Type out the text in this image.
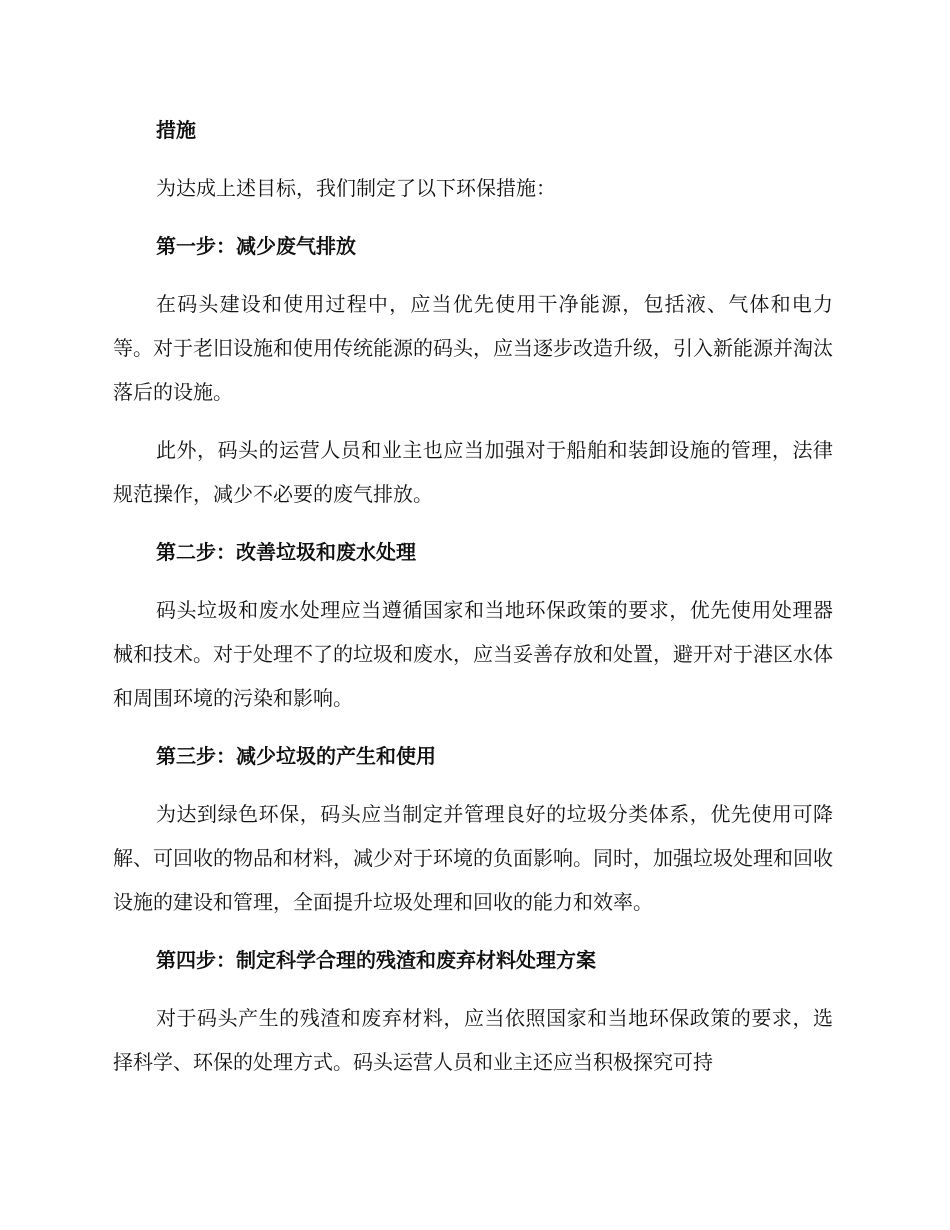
措施

为达成上述目标，我们制定了以下环保措施：

第一步：减少废气排放

在码头建设和使用过程中，应当优先使用干净能源，包括液、气体和电力等。对于老旧设施和使用传统能源的码头，应当逐步改造升级，引入新能源并淘汰落后的设施。

此外，码头的运营人员和业主也应当加强对于船舶和装卸设施的管理，法律规范操作，减少不必要的废气排放。

第二步：改善垃圾和废水处理

码头垃圾和废水处理应当遵循国家和当地环保政策的要求，优先使用处理器械和技术。对于处理不了的垃圾和废水，应当妥善存放和处置，避开对于港区水体和周围环境的污染和影响。

第三步：减少垃圾的产生和使用

为达到绿色环保，码头应当制定并管理良好的垃圾分类体系，优先使用可降解、可回收的物品和材料，减少对于环境的负面影响。同时，加强垃圾处理和回收设施的建设和管理，全面提升垃圾处理和回收的能力和效率。

第四步：制定科学合理的残渣和废弃材料处理方案

对于码头产生的残渣和废弃材料，应当依照国家和当地环保政策的要求，选择科学、环保的处理方式。码头运营人员和业主还应当积极探究可持
